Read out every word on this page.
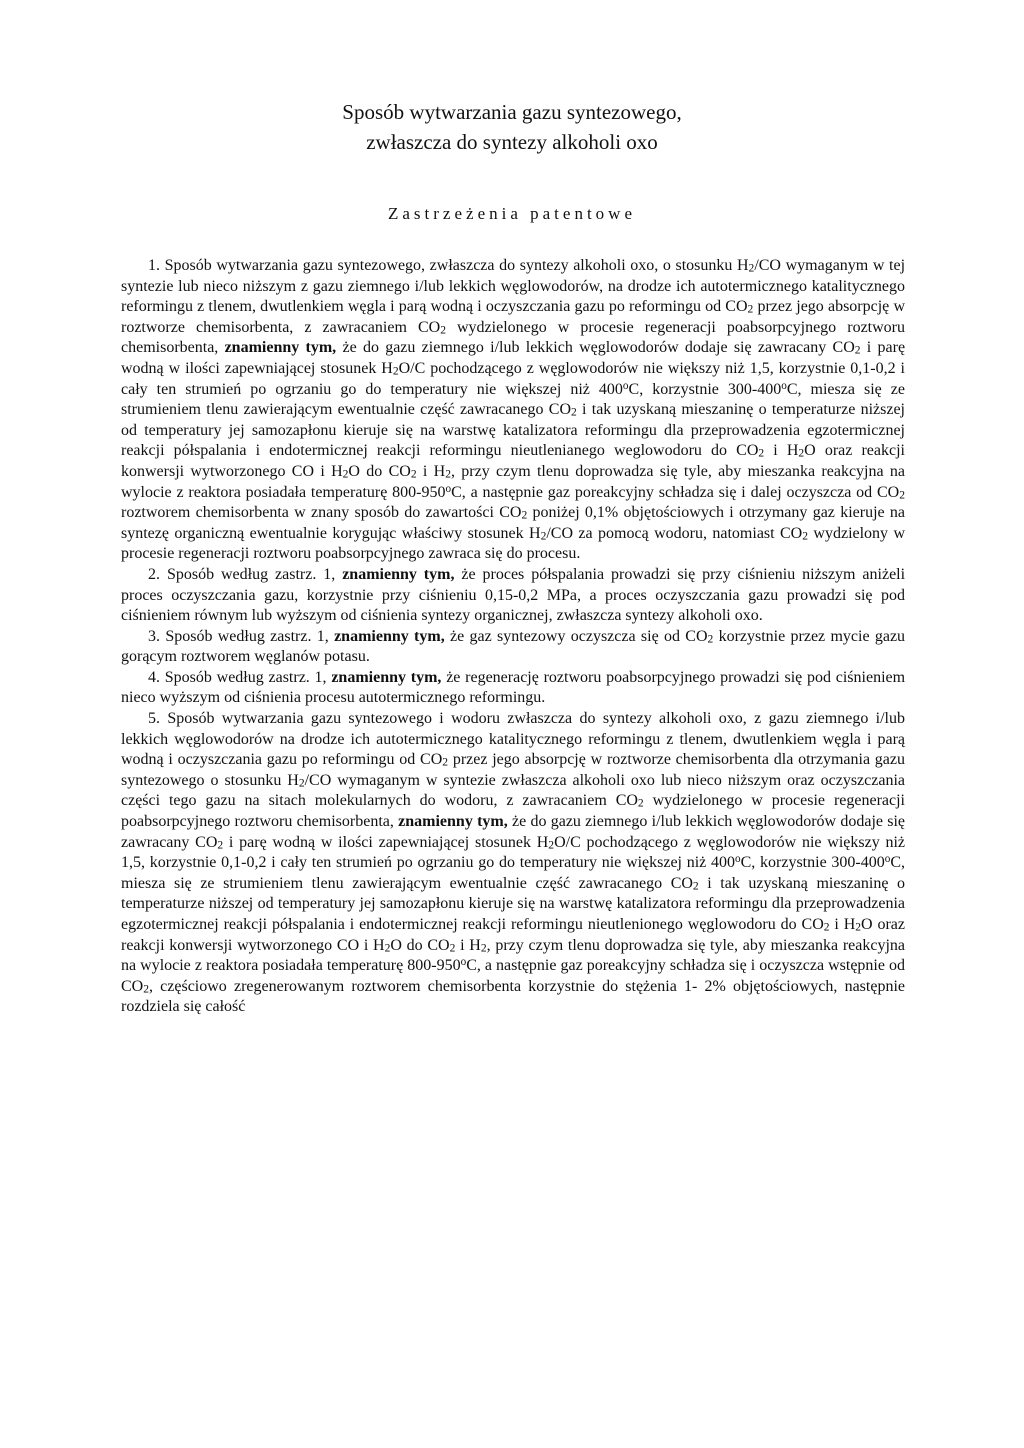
Sposób wytwarzania gazu syntezowego,
zwłaszcza do syntezy alkoholi oxo
Zastrzeżenia patentowe

1. Sposób wytwarzania gazu syntezowego, zwłaszcza do syntezy alkoholi oxo, o stosunku $H_2/CO$ wymaganym w tej syntezie lub nieco niższym z gazu ziemnego i/lub lekkich węglowodorów, na drodze ich autotermicznego katalitycznego reformingu z tlenem, dwutlenkiem węgla i parą wodną i oczyszczania gazu po reformingu od $CO_2$ przez jego absorpcję w roztworze chemisorbenta, z zawracaniem $CO_2$ wydzielonego w procesie regeneracji poabsorpcyjnego roztworu chemisorbenta, znamienny tym, że do gazu ziemnego i/lub lekkich węglowodorów dodaje się zawracany $CO_2$ i parę wodną w ilości zapewniającej stosunek $H_2O/C$ pochodzącego z węglowodorów nie większy niż 1,5, korzystnie 0,1-0,2 i cały ten strumień po ogrzaniu go do temperatury nie większej niż 400$^o$C, korzystnie 300-400$^o$C, miesza się ze strumieniem tlenu zawierającym ewentualnie część zawracanego $CO_2$ i tak uzyskaną mieszaninę o temperaturze niższej od temperatury jej samozapłonu kieruje się na warstwę katalizatora reformingu dla przeprowadzenia egzotermicznej reakcji półspalania i endotermicznej reakcji reformingu nieutlenianego weglowodoru do $CO_2$ i $H_2O$ oraz reakcji konwersji wytworzonego CO i $H_2O$ do $CO_2$ i $H_2$, przy czym tlenu doprowadza się tyle, aby mieszanka reakcyjna na wylocie z reaktora posiadała temperaturę 800-950$^o$C, a następnie gaz poreakcyjny schładza się i dalej oczyszcza od $CO_2$ roztworem chemisorbenta w znany sposób do zawartości $CO_2$ poniżej 0,1% objętościowych i otrzymany gaz kieruje na syntezę organiczną ewentualnie korygując właściwy stosunek $H_2/CO$ za pomocą wodoru, natomiast $CO_2$ wydzielony w procesie regeneracji roztworu poabsorpcyjnego zawraca się do procesu.

2. Sposób według zastrz. 1, znamienny tym, że proces półspalania prowadzi się przy ciśnieniu niższym aniżeli proces oczyszczania gazu, korzystnie przy ciśnieniu 0,15-0,2 MPa, a proces oczyszczania gazu prowadzi się pod ciśnieniem równym lub wyższym od ciśnienia syntezy organicznej, zwłaszcza syntezy alkoholi oxo.

3. Sposób według zastrz. 1, znamienny tym, że gaz syntezowy oczyszcza się od $CO_2$ korzystnie przez mycie gazu gorącym roztworem węglanów potasu.

4. Sposób według zastrz. 1, znamienny tym, że regenerację roztworu poabsorpcyjnego prowadzi się pod ciśnieniem nieco wyższym od ciśnienia procesu autotermicznego reformingu.

5. Sposób wytwarzania gazu syntezowego i wodoru zwłaszcza do syntezy alkoholi oxo, z gazu ziemnego i/lub lekkich węglowodorów na drodze ich autotermicznego katalitycznego reformingu z tlenem, dwutlenkiem węgla i parą wodną i oczyszczania gazu po reformingu od $CO_2$ przez jego absorpcję w roztworze chemisorbenta dla otrzymania gazu syntezowego o stosunku $H_2/CO$ wymaganym w syntezie zwłaszcza alkoholi oxo lub nieco niższym oraz oczyszczania części tego gazu na sitach molekularnych do wodoru, z zawracaniem $CO_2$ wydzielonego w procesie regeneracji poabsorpcyjnego roztworu chemisorbenta, znamienny tym, że do gazu ziemnego i/lub lekkich węglowodorów dodaje się zawracany $CO_2$ i parę wodną w ilości zapewniającej stosunek $H_2O/C$ pochodzącego z węglowodorów nie większy niż 1,5, korzystnie 0,1-0,2 i cały ten strumień po ogrzaniu go do temperatury nie większej niż 400$^o$C, korzystnie 300-400$^o$C, miesza się ze strumieniem tlenu zawierającym ewentualnie część zawracanego $CO_2$ i tak uzyskaną mieszaninę o temperaturze niższej od temperatury jej samozapłonu kieruje się na warstwę katalizatora reformingu dla przeprowadzenia egzotermicznej reakcji półspalania i endotermicznej reakcji reformingu nieutlenionego węglowodoru do $CO_2$ i $H_2O$ oraz reakcji konwersji wytworzonego CO i $H_2O$ do $CO_2$ i $H_2$, przy czym tlenu doprowadza się tyle, aby mieszanka reakcyjna na wylocie z reaktora posiadała temperaturę 800-950$^o$C, a następnie gaz poreakcyjny schładza się i oczyszcza wstępnie od $CO_2$, częściowo zregenerowanym roztworem chemisorbenta korzystnie do stężenia 1- 2% objętościowych, następnie rozdziela się całość
